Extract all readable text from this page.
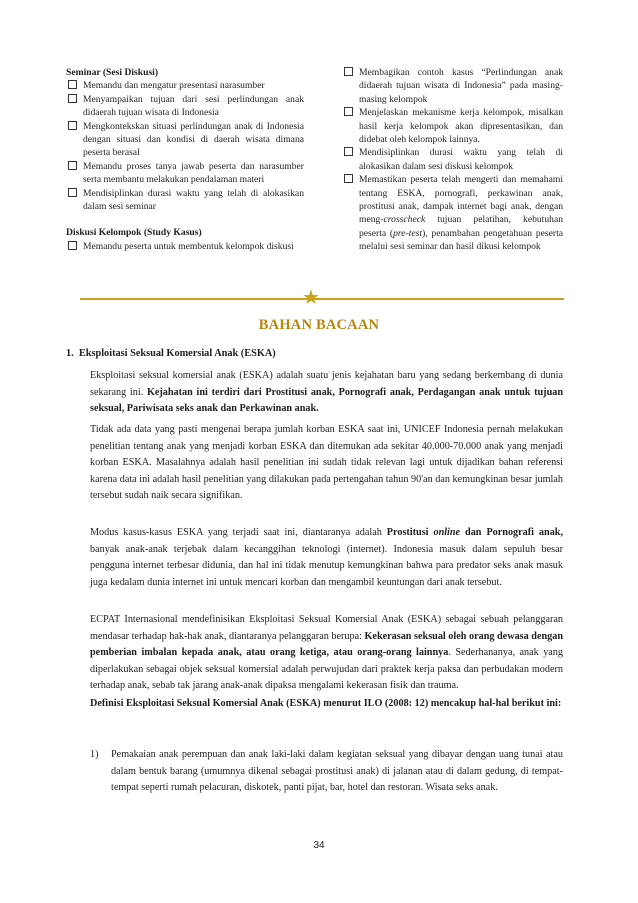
Seminar (Sesi Diskusi)
Memandu dan mengatur presentasi narasumber
Menyampaikan tujuan dari sesi perlindungan anak didaerah tujuan wisata di Indonesia
Mengkontekskan situasi perlindungan anak di Indonesia dengan situasi dan kondisi di daerah wisata dimana peserta berasal
Memandu proses tanya jawab peserta dan narasumber serta membantu melakukan pendalaman materi
Mendisiplinkan durasi waktu yang telah di alokasikan dalam sesi seminar
Diskusi Kelompok (Study Kasus)
Memandu peserta untuk membentuk kelompok diskusi
Membagikan contoh kasus “Perlindungan anak didaerah tujuan wisata di Indonesia” pada masing-masing kelompok
Menjelaskan mekanisme kerja kelompok, misalkan hasil kerja kelompok akan dipresentasikan, dan didebat oleh kelompok lainnya.
Mendisiplinkan durasi waktu yang telah di alokasikan dalam sesi diskusi kelompok
Memastikan peserta telah mengerti dan memahami tentang ESKA, pornografi, perkawinan anak, prostitusi anak, dampak internet bagi anak, dengan meng-crosscheck tujuan pelatihan, kebutuhan peserta (pre-test), penambahan pengetahuan peserta melalui sesi seminar dan hasil dikusi kelompok
★
BAHAN BACAAN
1.  Eksploitasi Seksual Komersial Anak (ESKA)
Eksploitasi seksual komersial anak (ESKA) adalah suatu jenis kejahatan baru yang sedang berkembang di dunia sekarang ini. Kejahatan ini terdiri dari Prostitusi anak, Pornografi anak, Perdagangan anak untuk tujuan seksual, Pariwisata seks anak dan Perkawinan anak.
Tidak ada data yang pasti mengenai berapa jumlah korban ESKA saat ini, UNICEF Indonesia pernah melakukan penelitian tentang anak yang menjadi korban ESKA dan ditemukan ada sekitar 40.000-70.000 anak yang menjadi korban ESKA. Masalahnya adalah hasil penelitian ini sudah tidak relevan lagi untuk dijadikan bahan referensi karena data ini adalah hasil penelitian yang dilakukan pada pertengahan tahun 90'an dan kemungkinan besar jumlah tersebut sudah naik secara signifikan.
Modus kasus-kasus ESKA yang terjadi saat ini, diantaranya adalah Prostitusi online dan Pornografi anak, banyak anak-anak terjebak dalam kecanggihan teknologi (internet). Indonesia masuk dalam sepuluh besar pengguna internet terbesar didunia, dan hal ini tidak menutup kemungkinan bahwa para predator seks anak masuk juga kedalam dunia internet ini untuk mencari korban dan mengambil keuntungan dari anak tersebut.
ECPAT Internasional mendefinisikan Eksploitasi Seksual Komersial Anak (ESKA) sebagai sebuah pelanggaran mendasar terhadap hak-hak anak, diantaranya pelanggaran berupa: Kekerasan seksual oleh orang dewasa dengan pemberian imbalan kepada anak, atau orang ketiga, atau orang-orang lainnya. Sederhananya, anak yang diperlakukan sebagai objek seksual komersial adalah perwujudan dari praktek kerja paksa dan perbudakan modern terhadap anak, sebab tak jarang anak-anak dipaksa mengalami kekerasan fisik dan trauma.
Definisi Eksploitasi Seksual Komersial Anak (ESKA) menurut ILO (2008: 12) mencakup hal-hal berikut ini:
1)	Pemakaian anak perempuan dan anak laki-laki dalam kegiatan seksual yang dibayar dengan uang tunai atau dalam bentuk barang (umumnya dikenal sebagai prostitusi anak) di jalanan atau di dalam gedung, di tempat-tempat seperti rumah pelacuran, diskotek, panti pijat, bar, hotel dan restoran. Wisata seks anak.
34
